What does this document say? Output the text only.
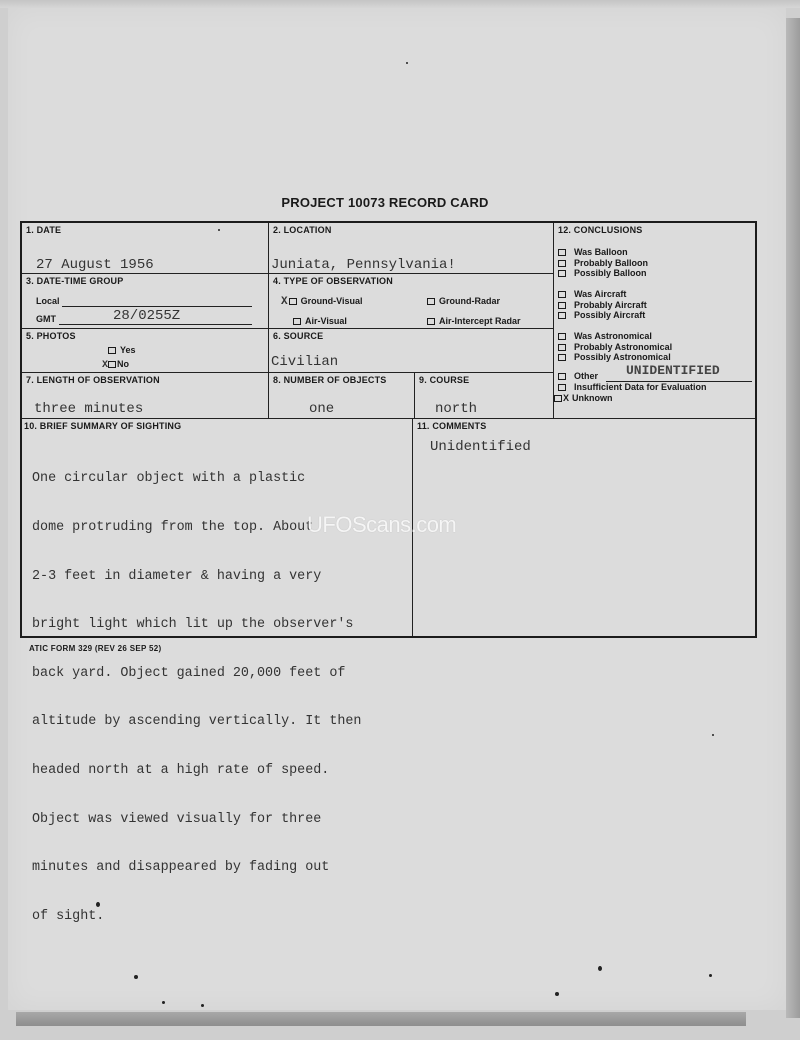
PROJECT 10073 RECORD CARD
1. DATE
27 August 1956
2. LOCATION
Juniata, Pennsylvania!
3. DATE-TIME GROUP
Local
GMT	28/0255Z
4. TYPE OF OBSERVATION
X Ground-Visual	Ground-Radar
Air-Visual	Air-Intercept Radar
5. PHOTOS
Yes
X No
6. SOURCE
Civilian
7. LENGTH OF OBSERVATION
three minutes
8. NUMBER OF OBJECTS
one
9. COURSE
north
12. CONCLUSIONS
Was Balloon
Probably Balloon
Possibly Balloon
Was Aircraft
Probably Aircraft
Possibly Aircraft
Was Astronomical
Probably Astronomical
Possibly Astronomical
Other UNIDENTIFIED
Insufficient Data for Evaluation
X Unknown
10. BRIEF SUMMARY OF SIGHTING

One circular object with a plastic

dome protruding from the top. About

2-3 feet in diameter & having a very

bright light which lit up the observer's

back yard. Object gained 20,000 feet of

altitude by ascending vertically. It then

headed north at a high rate of speed.

Object was viewed visually for three

minutes and disappeared by fading out

of sight.

11. COMMENTS
Unidentified
UFOScans.com
ATIC FORM 329 (REV 26 SEP 52)
